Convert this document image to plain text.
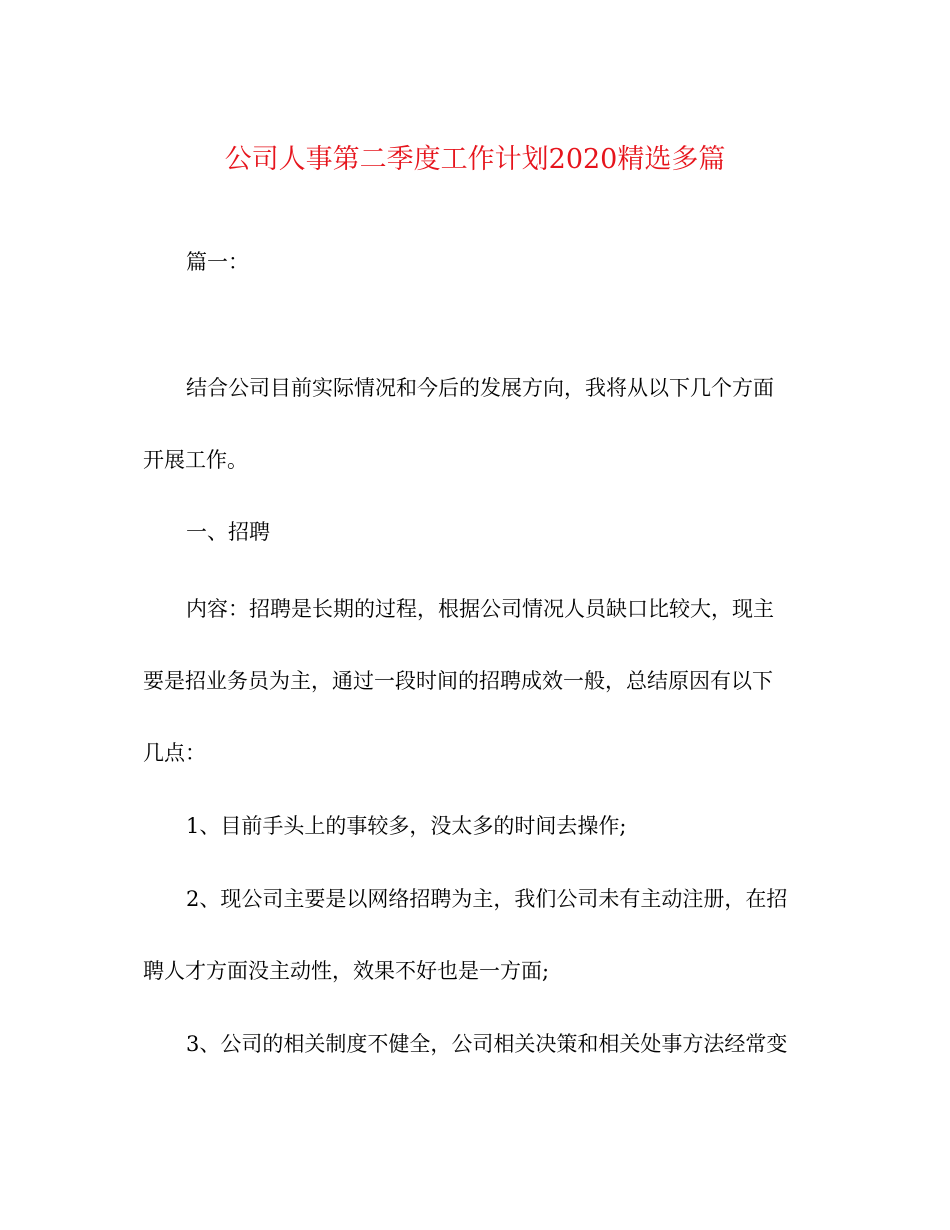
公司人事第二季度工作计划2020精选多篇

篇一：

结合公司目前实际情况和今后的发展方向，我将从以下几个方面
开展工作。

一、招聘

内容：招聘是长期的过程，根据公司情况人员缺口比较大，现主
要是招业务员为主，通过一段时间的招聘成效一般，总结原因有以下
几点：

1、目前手头上的事较多，没太多的时间去操作;

2、现公司主要是以网络招聘为主，我们公司未有主动注册，在招
聘人才方面没主动性，效果不好也是一方面;
3、公司的相关制度不健全，公司相关决策和相关处事方法经常变
